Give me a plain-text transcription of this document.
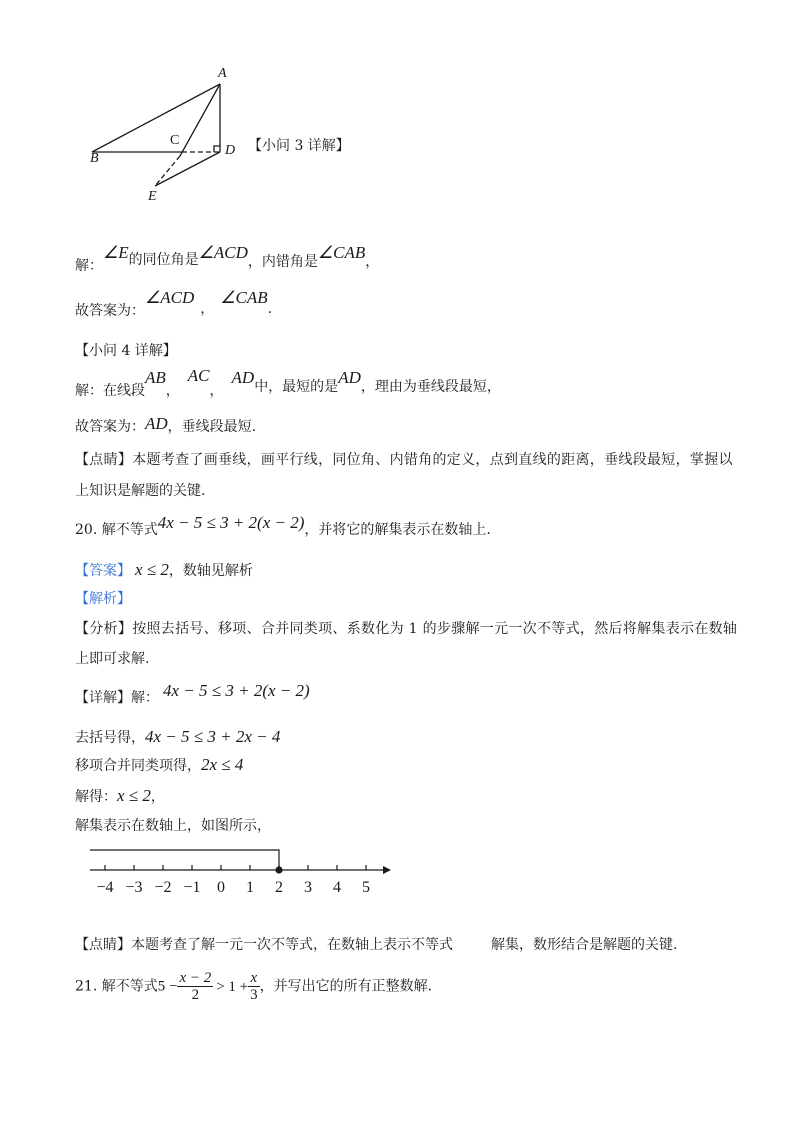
A
B
C
D
E
【小问 3 详解】
解：∠E的同位角是∠ACD，内错角是∠CAB，
故答案为：∠ACD，∠CAB.
【小问 4 详解】
解：在线段AB，AC，AD中，最短的是AD，理由为垂线段最短，
故答案为：AD，垂线段最短.
【点睛】本题考查了画垂线，画平行线，同位角、内错角的定义，点到直线的距离，垂线段最短，掌握以
上知识是解题的关键.
20. 解不等式4x − 5 ≤ 3 + 2(x − 2)，并将它的解集表示在数轴上.
【答案】 x ≤ 2，数轴见解析
【解析】
【分析】按照去括号、移项、合并同类项、系数化为 1 的步骤解一元一次不等式，然后将解集表示在数轴
上即可求解.
【详解】解： 4x − 5 ≤ 3 + 2(x − 2)
去括号得，4x − 5 ≤ 3 + 2x − 4
移项合并同类项得，2x ≤ 4
解得：x ≤ 2，
解集表示在数轴上，如图所示，
−4 −3 −2 −1 0 1 2 3 4 5
【点睛】本题考查了解一元一次不等式，在数轴上表示不等式	解集，数形结合是解题的关键.
21. 解不等式$5 - \frac{x - 2}{2} > 1 + \frac{x}{3}$ ，并写出它的所有正整数解.
